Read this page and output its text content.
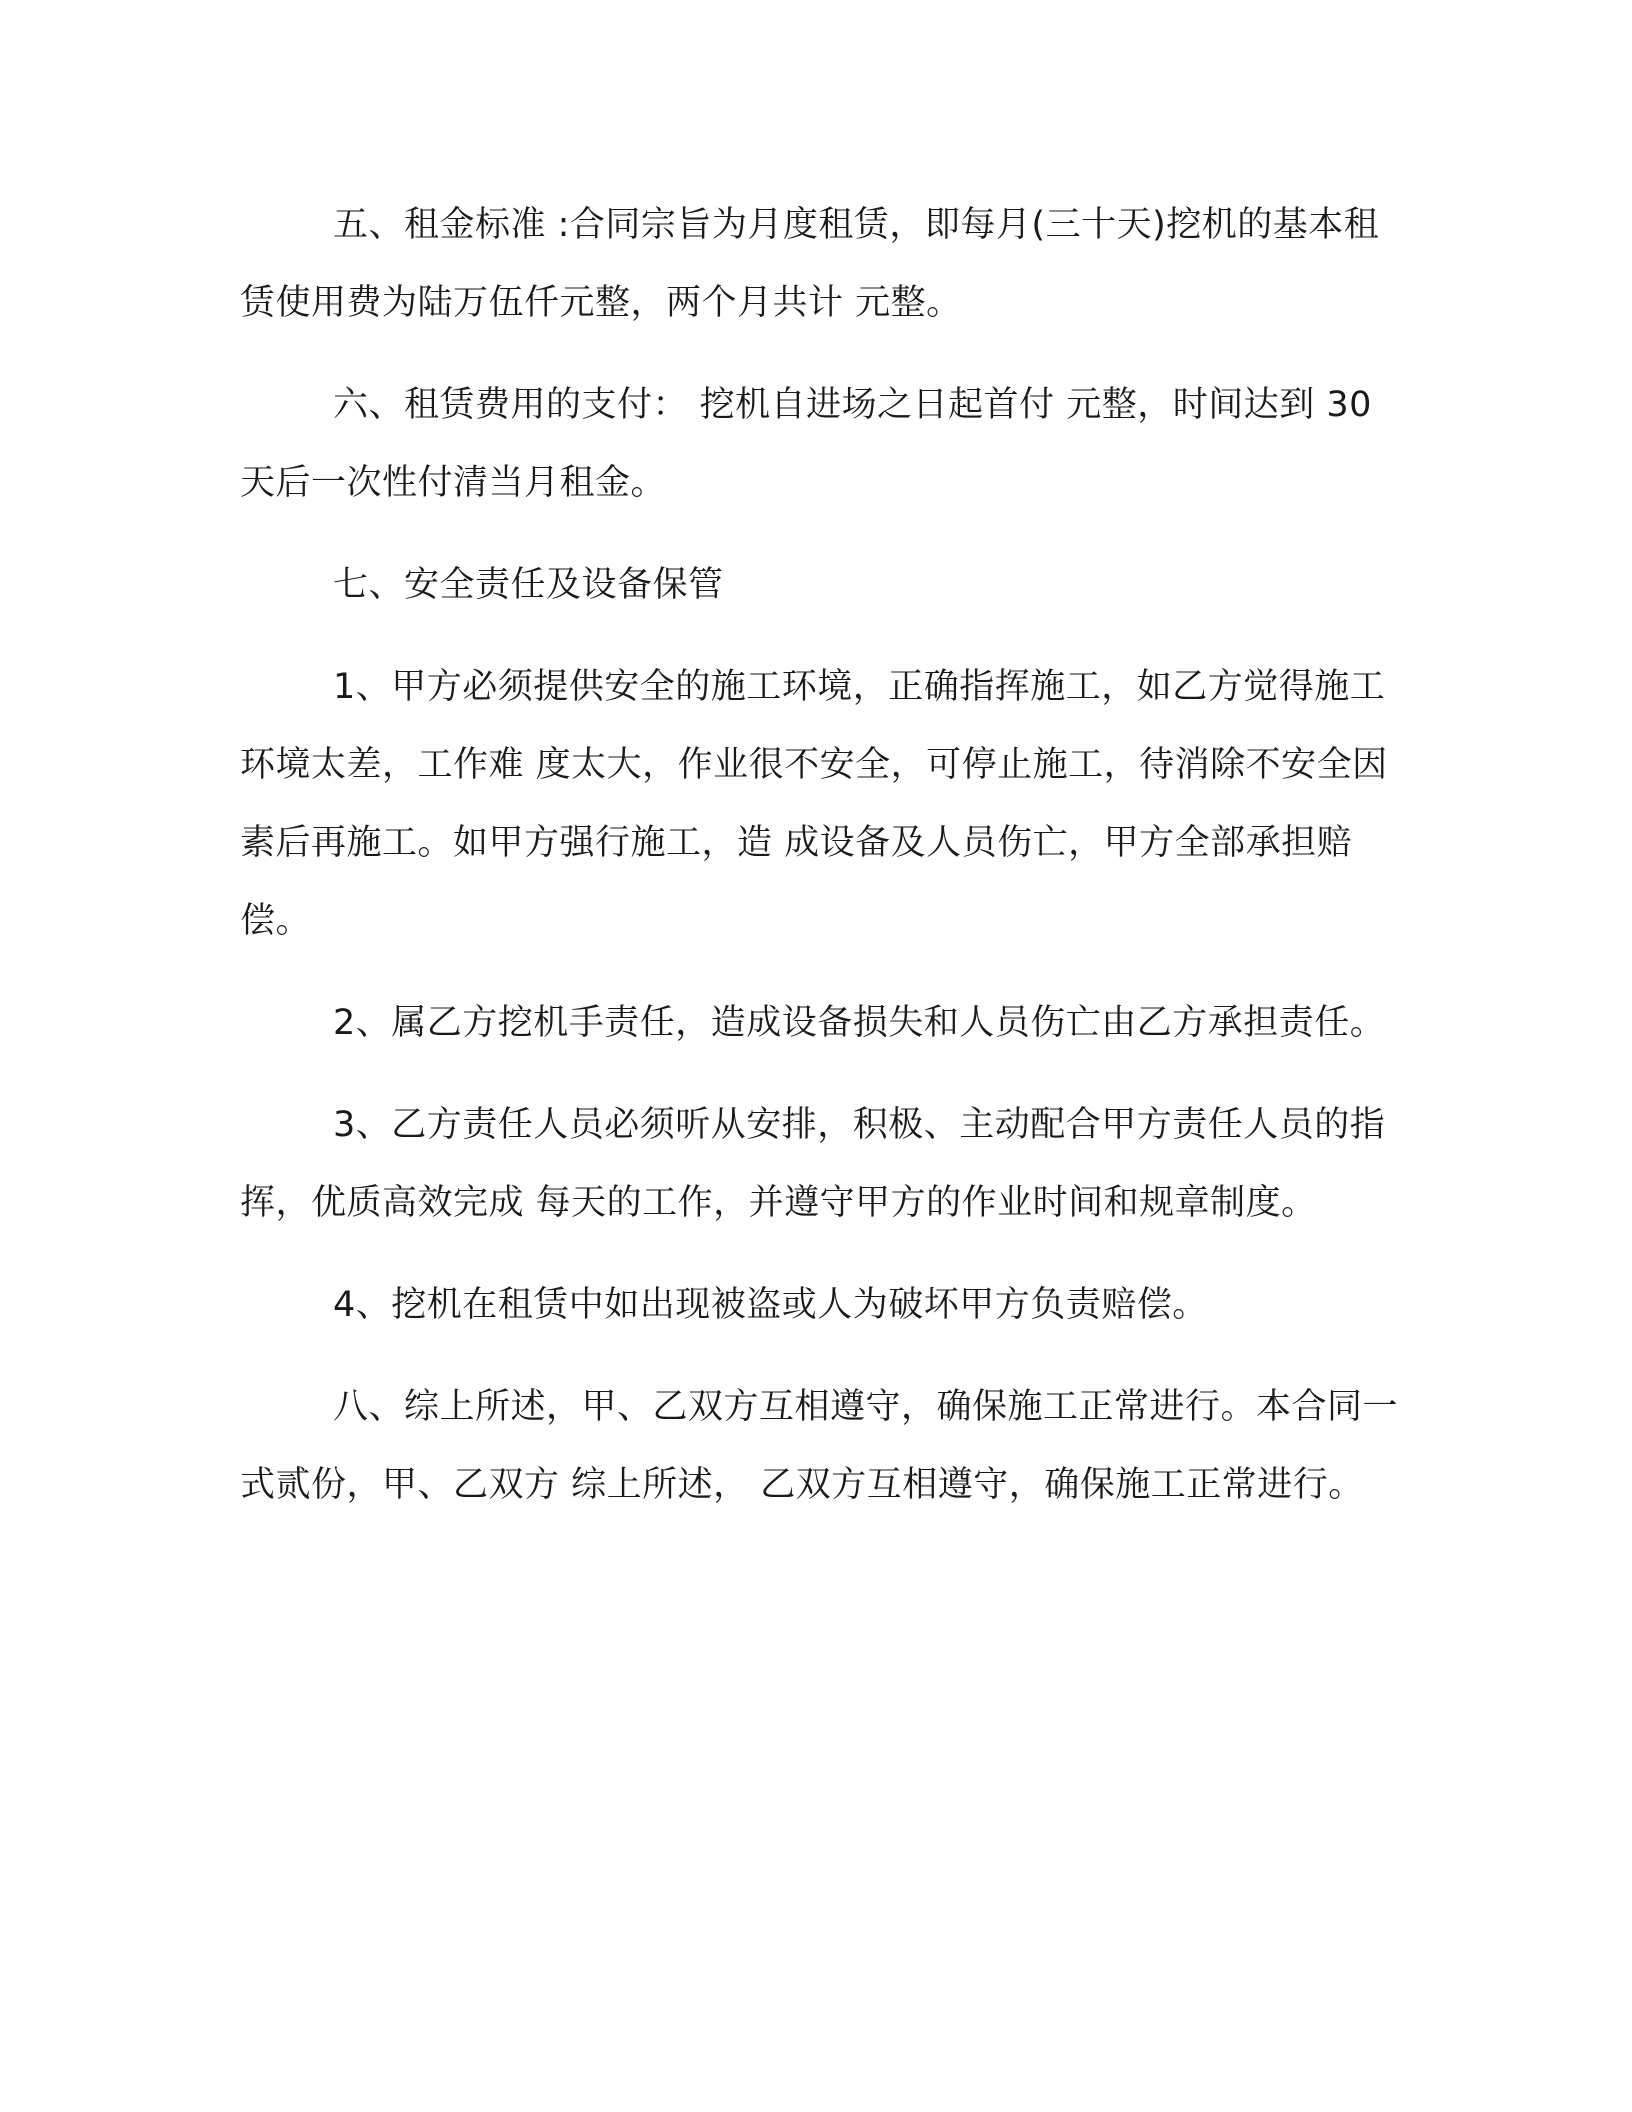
五、租金标准 :合同宗旨为月度租赁，即每月(三十天)挖机的基本租赁使用费为陆万伍仟元整，两个月共计 元整。

六、租赁费用的支付： 挖机自进场之日起首付 元整，时间达到 30 天后一次性付清当月租金。

七、安全责任及设备保管

1、甲方必须提供安全的施工环境，正确指挥施工，如乙方觉得施工环境太差，工作难 度太大，作业很不安全，可停止施工，待消除不安全因素后再施工。如甲方强行施工，造 成设备及人员伤亡，甲方全部承担赔偿。

2、属乙方挖机手责任，造成设备损失和人员伤亡由乙方承担责任。

3、乙方责任人员必须听从安排，积极、主动配合甲方责任人员的指挥，优质高效完成 每天的工作，并遵守甲方的作业时间和规章制度。

4、挖机在租赁中如出现被盗或人为破坏甲方负责赔偿。

八、综上所述，甲、乙双方互相遵守，确保施工正常进行。本合同一式贰份，甲、乙双方 综上所述， 乙双方互相遵守，确保施工正常进行。
